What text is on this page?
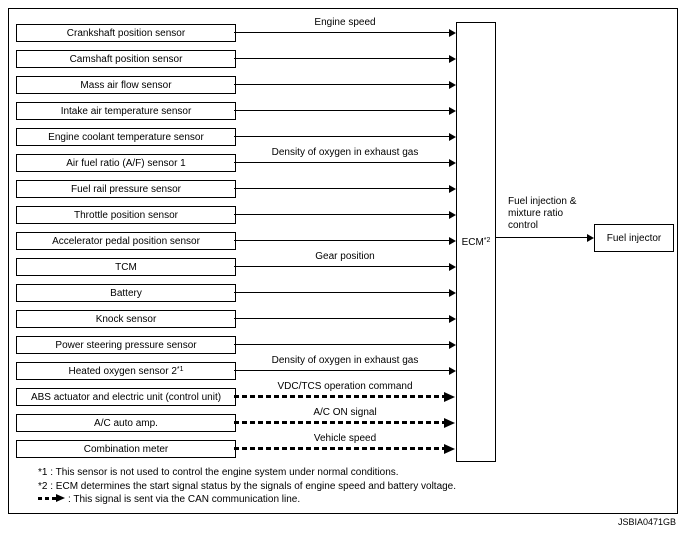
Crankshaft position sensor
Engine speed
Camshaft position sensor
Mass air flow sensor
Intake air temperature sensor
Engine coolant temperature sensor
Air fuel ratio (A/F) sensor 1
Density of oxygen in exhaust gas
Fuel rail pressure sensor
Throttle position sensor
Accelerator pedal position sensor
TCM
Gear position
Battery
Knock sensor
Power steering pressure sensor
Heated oxygen sensor 2$^{*1}$
Density of oxygen in exhaust gas
ABS actuator and electric unit (control unit)
VDC/TCS operation command
A/C auto amp.
A/C ON signal
Combination meter
Vehicle speed
ECM$^{*2}$
Fuel injection &
mixture ratio
control
Fuel injector
*1 : This sensor is not used to control the engine system under normal conditions.
*2 : ECM determines the start signal status by the signals of engine speed and battery voltage.
: This signal is sent via the CAN communication line.
JSBIA0471GB
